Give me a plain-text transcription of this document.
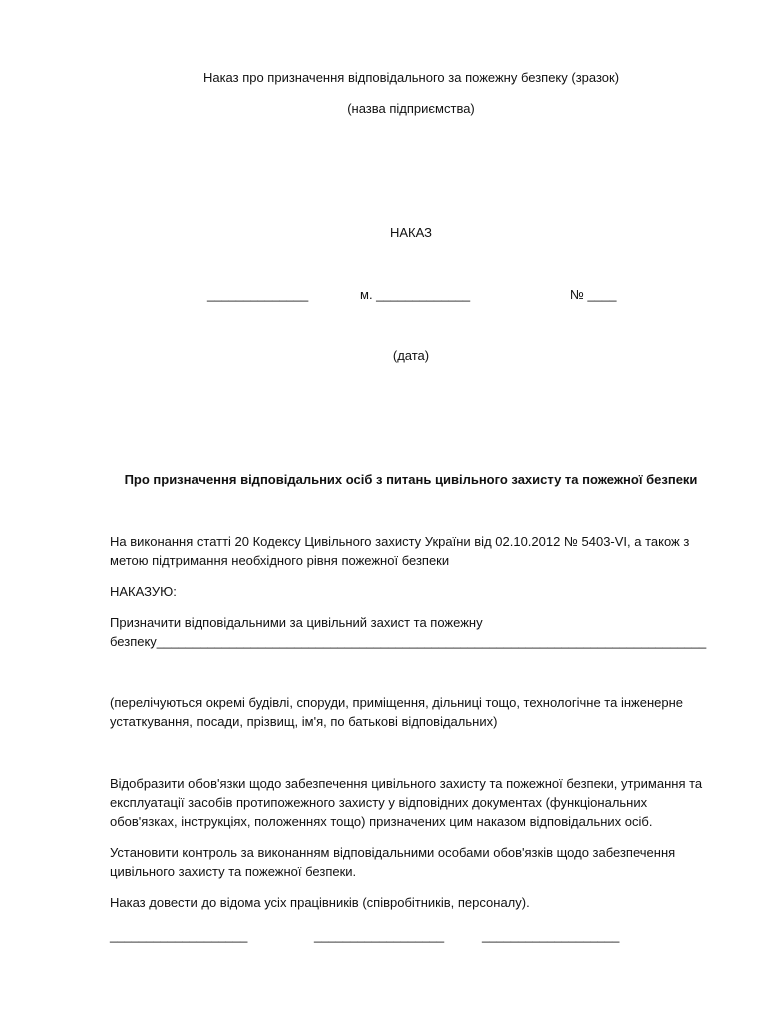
Наказ про призначення відповідального за пожежну безпеку (зразок)
(назва підприємства)
НАКАЗ
______________	м. _____________	№ ____
(дата)
Про призначення відповідальних осіб з питань цивільного захисту та пожежної безпеки
На виконання статті 20 Кодексу Цивільного захисту України від 02.10.2012 № 5403-VI, а також з
метою підтримання необхідного рівня пожежної безпеки
НАКАЗУЮ:
Призначити відповідальними за цивільний захист та пожежну
безпеку____________________________________________________________________________
(перелічуються окремі будівлі, споруди, приміщення, дільниці тощо, технологічне та інженерне
устаткування, посади, прізвищ, ім'я, по батькові відповідальних)
Відобразити обов'язки щодо забезпечення цивільного захисту та пожежної безпеки, утримання та
експлуатації засобів протипожежного захисту у відповідних документах (функціональних
обов'язках, інструкціях, положеннях тощо) призначених цим наказом відповідальних осіб.
Установити контроль за виконанням відповідальними особами обов'язків щодо забезпечення
цивільного захисту та пожежної безпеки.
Наказ довести до відома усіх працівників (співробітників, персоналу).
___________________	__________________	___________________
